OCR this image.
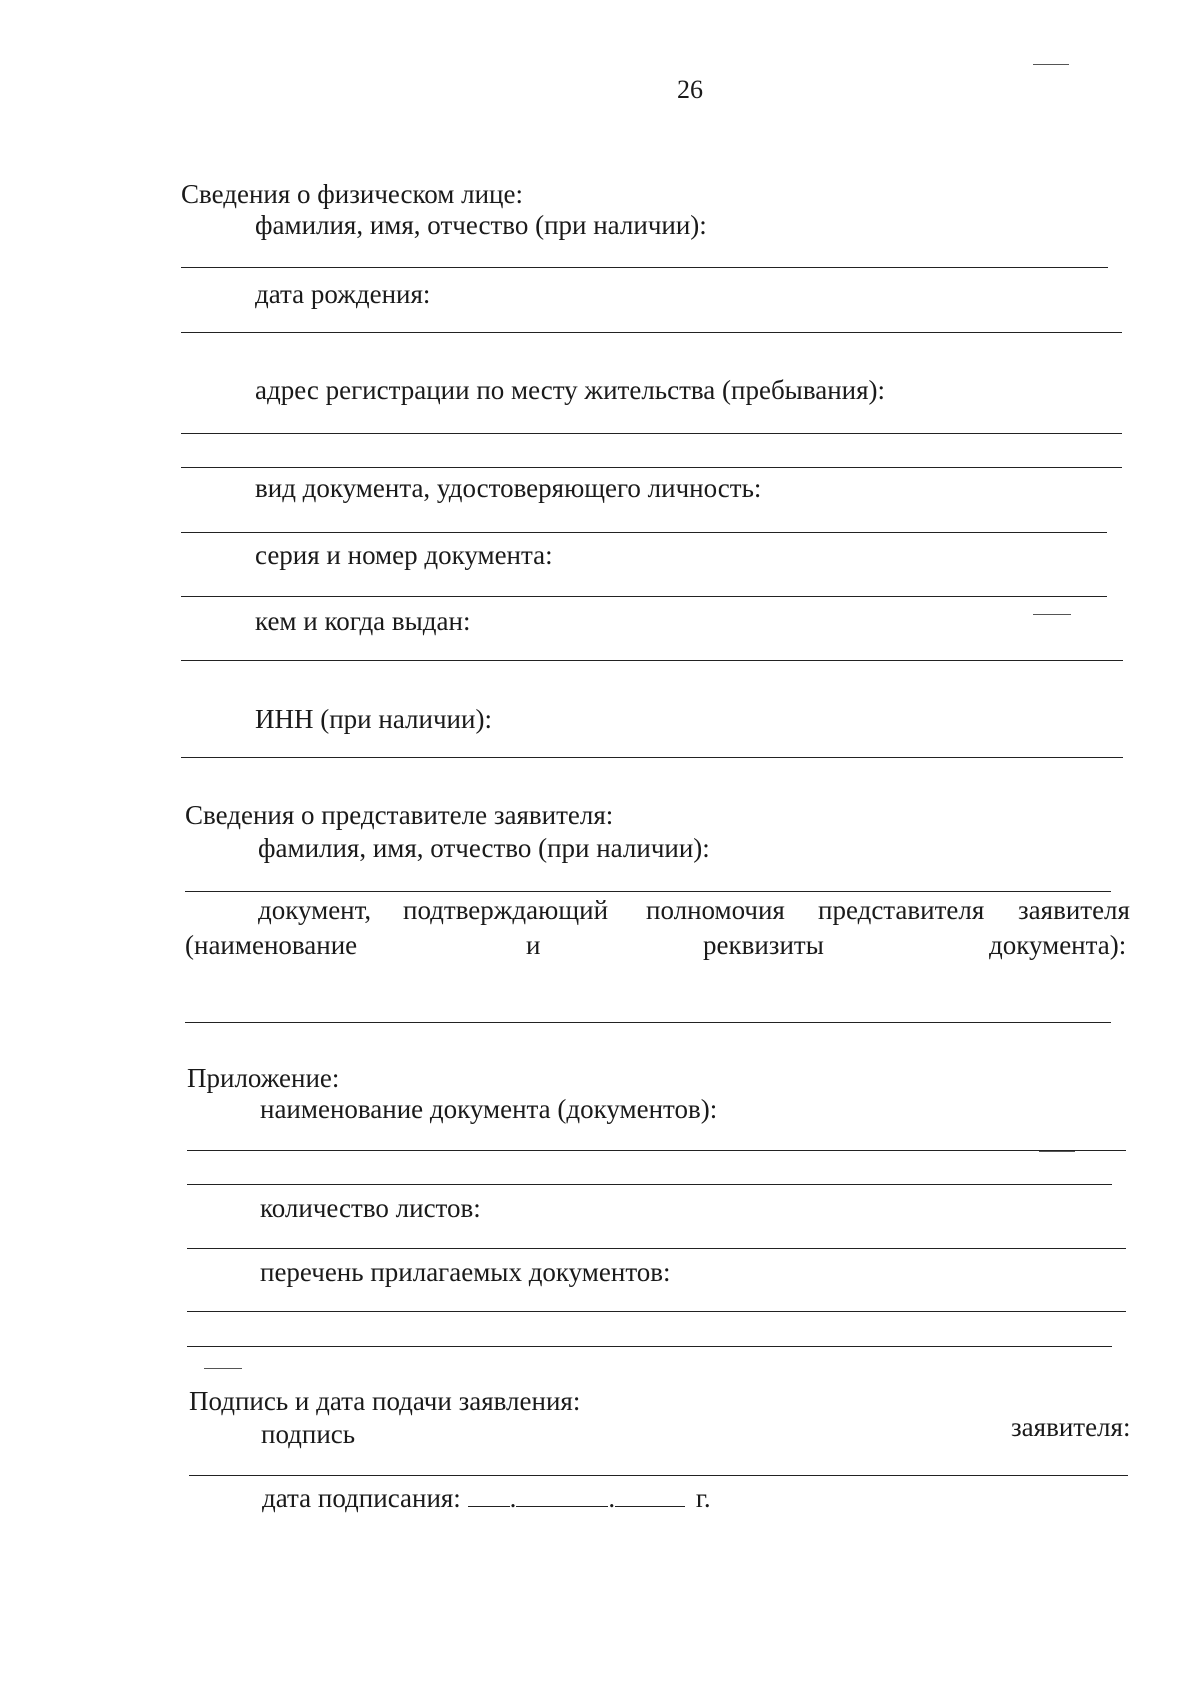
26
Сведения о физическом лице:
фамилия, имя, отчество (при наличии):
дата рождения:
адрес регистрации по месту жительства (пребывания):
вид документа, удостоверяющего личность:
серия и номер документа:
кем и когда выдан:
ИНН (при наличии):
Сведения о представителе заявителя:
фамилия, имя, отчество (при наличии):
документ, подтверждающий полномочия представителя заявителя
(наименование	и	реквизиты	документа):
Приложение:
наименование документа (документов):
количество листов:
перечень прилагаемых документов:
Подпись и дата подачи заявления:
подпись	заявителя:
дата подписания: .	.	г.
